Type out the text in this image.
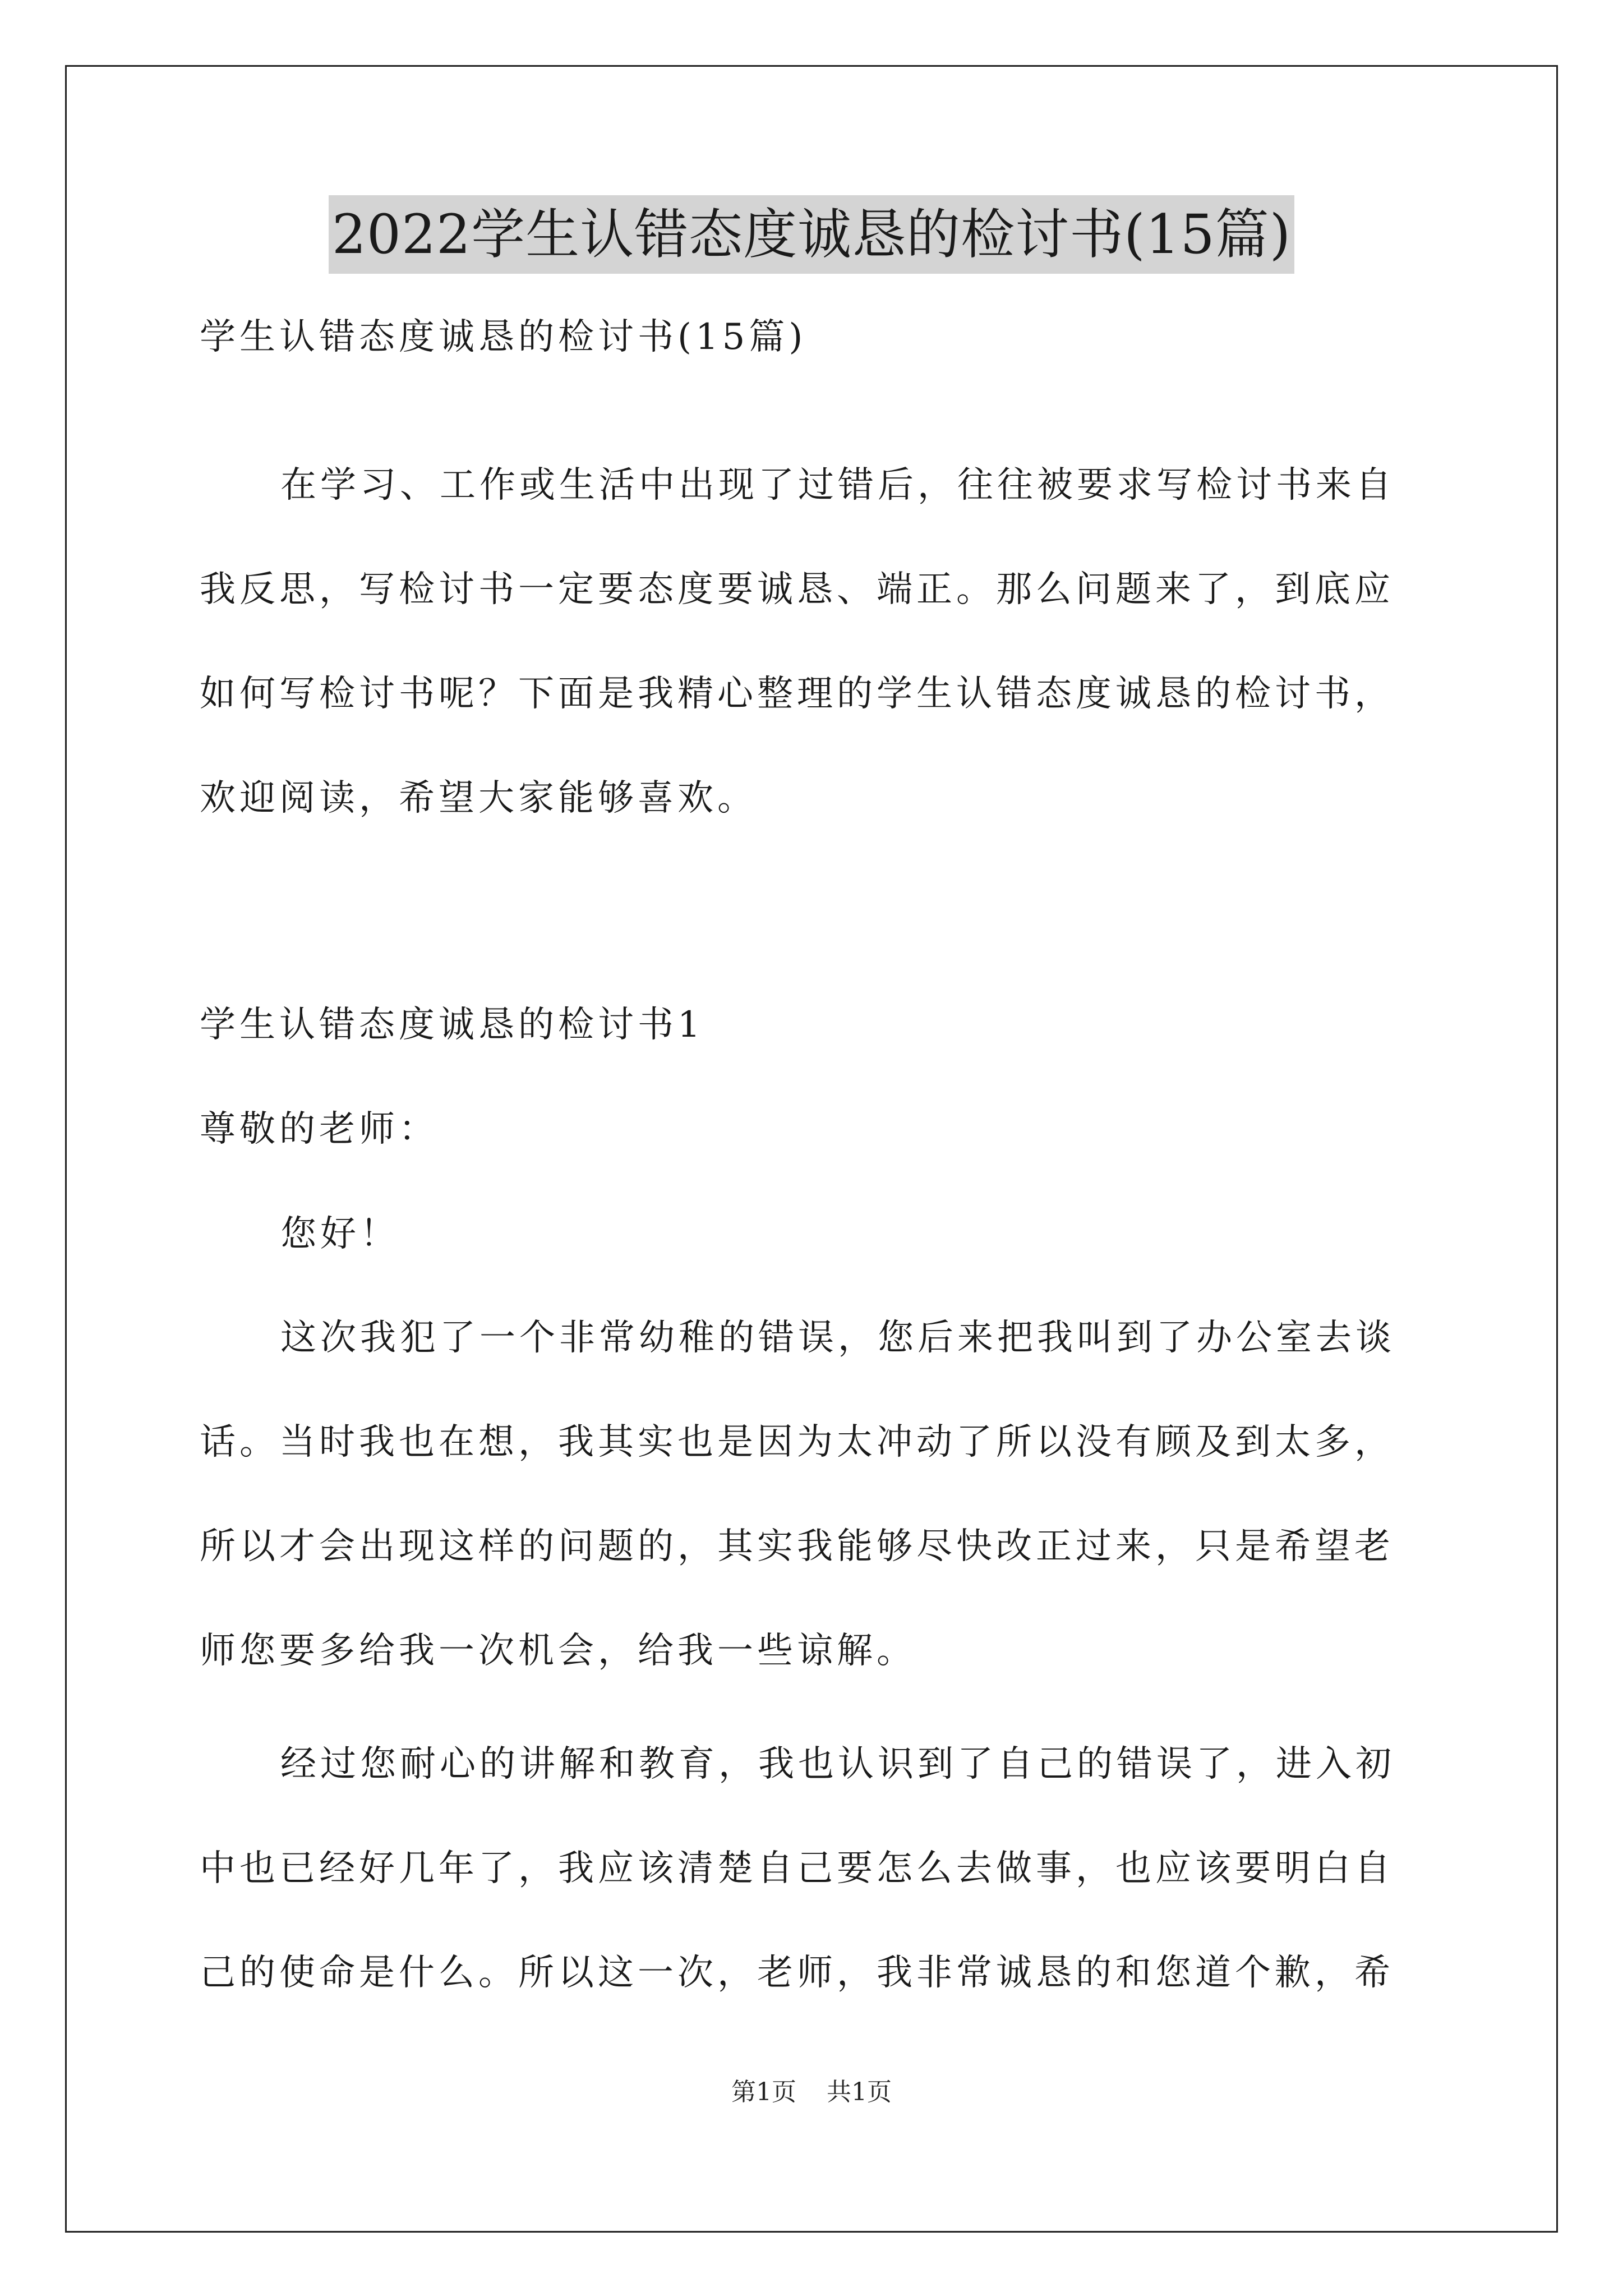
2022学生认错态度诚恳的检讨书(15篇)
学生认错态度诚恳的检讨书(15篇)
在学习、工作或生活中出现了过错后，往往被要求写检讨书来自
我反思，写检讨书一定要态度要诚恳、端正。那么问题来了，到底应
如何写检讨书呢？下面是我精心整理的学生认错态度诚恳的检讨书，
欢迎阅读，希望大家能够喜欢。
学生认错态度诚恳的检讨书1
尊敬的老师：
您好！
这次我犯了一个非常幼稚的错误，您后来把我叫到了办公室去谈
话。当时我也在想，我其实也是因为太冲动了所以没有顾及到太多，
所以才会出现这样的问题的，其实我能够尽快改正过来，只是希望老
师您要多给我一次机会，给我一些谅解。
经过您耐心的讲解和教育，我也认识到了自己的错误了，进入初
中也已经好几年了，我应该清楚自己要怎么去做事，也应该要明白自
己的使命是什么。所以这一次，老师，我非常诚恳的和您道个歉，希
第1页 共1页
